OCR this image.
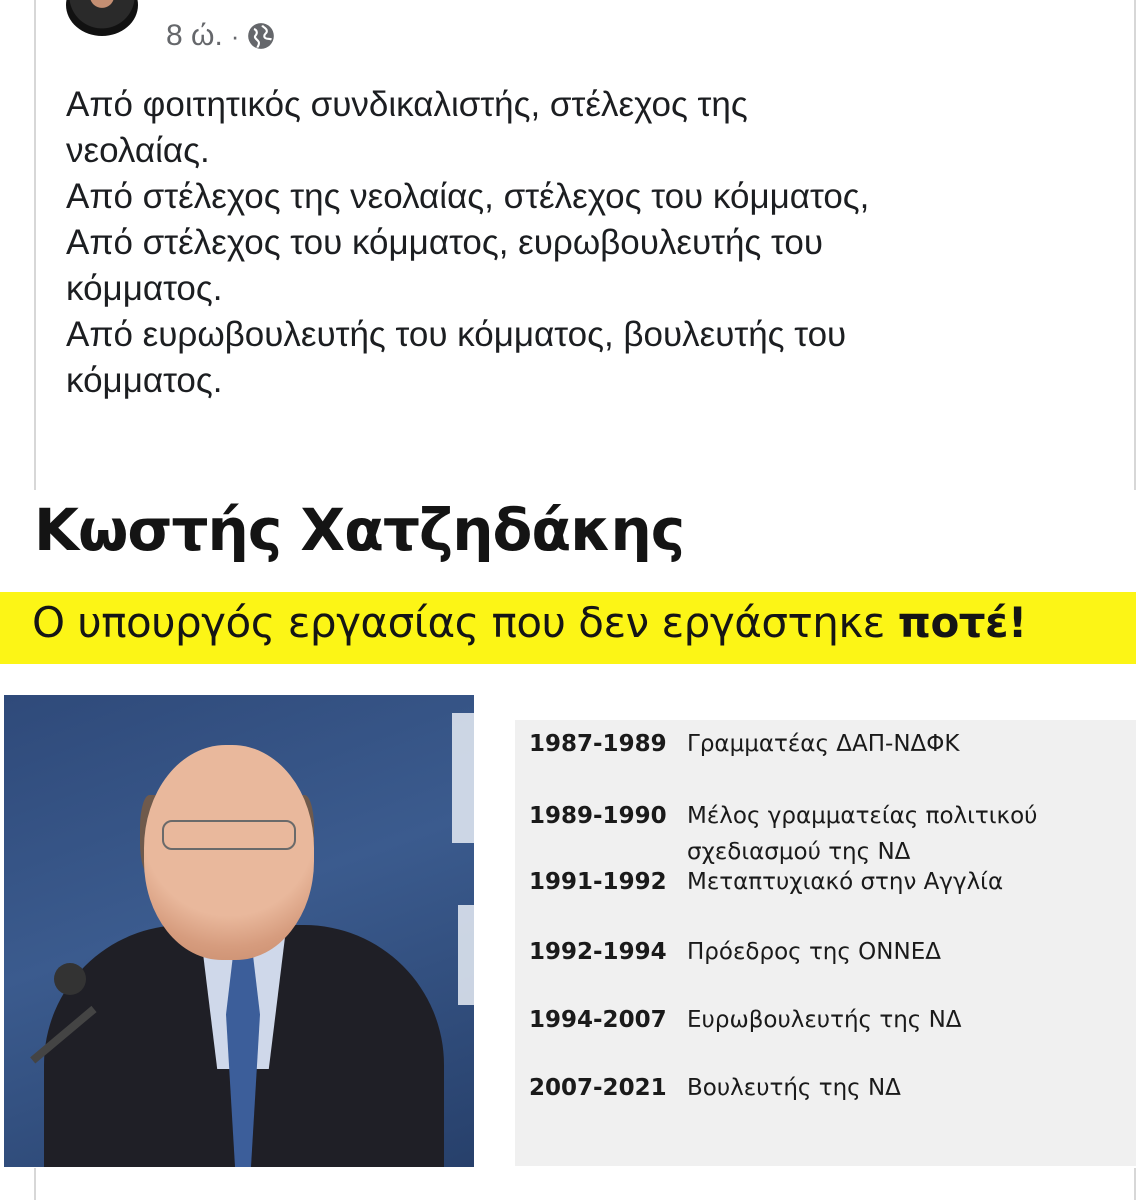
8 ώ. ·
Από φοιτητικός συνδικαλιστής, στέλεχος της
νεολαίας.
Από στέλεχος της νεολαίας, στέλεχος του κόμματος,
Από στέλεχος του κόμματος, ευρωβουλευτής του
κόμματος.
Από ευρωβουλευτής του κόμματος, βουλευτής του
κόμματος.
Κωστής Χατζηδάκης
Ο υπουργός εργασίας που δεν εργάστηκε ποτέ!
1987-1989 Γραμματέας ΔΑΠ-ΝΔΦΚ
1989-1990 Μέλος γραμματείας πολιτικού
σχεδιασμού της ΝΔ
1991-1992 Μεταπτυχιακό στην Αγγλία
1992-1994 Πρόεδρος της ΟΝΝΕΔ
1994-2007 Ευρωβουλευτής της ΝΔ
2007-2021 Βουλευτής της ΝΔ
